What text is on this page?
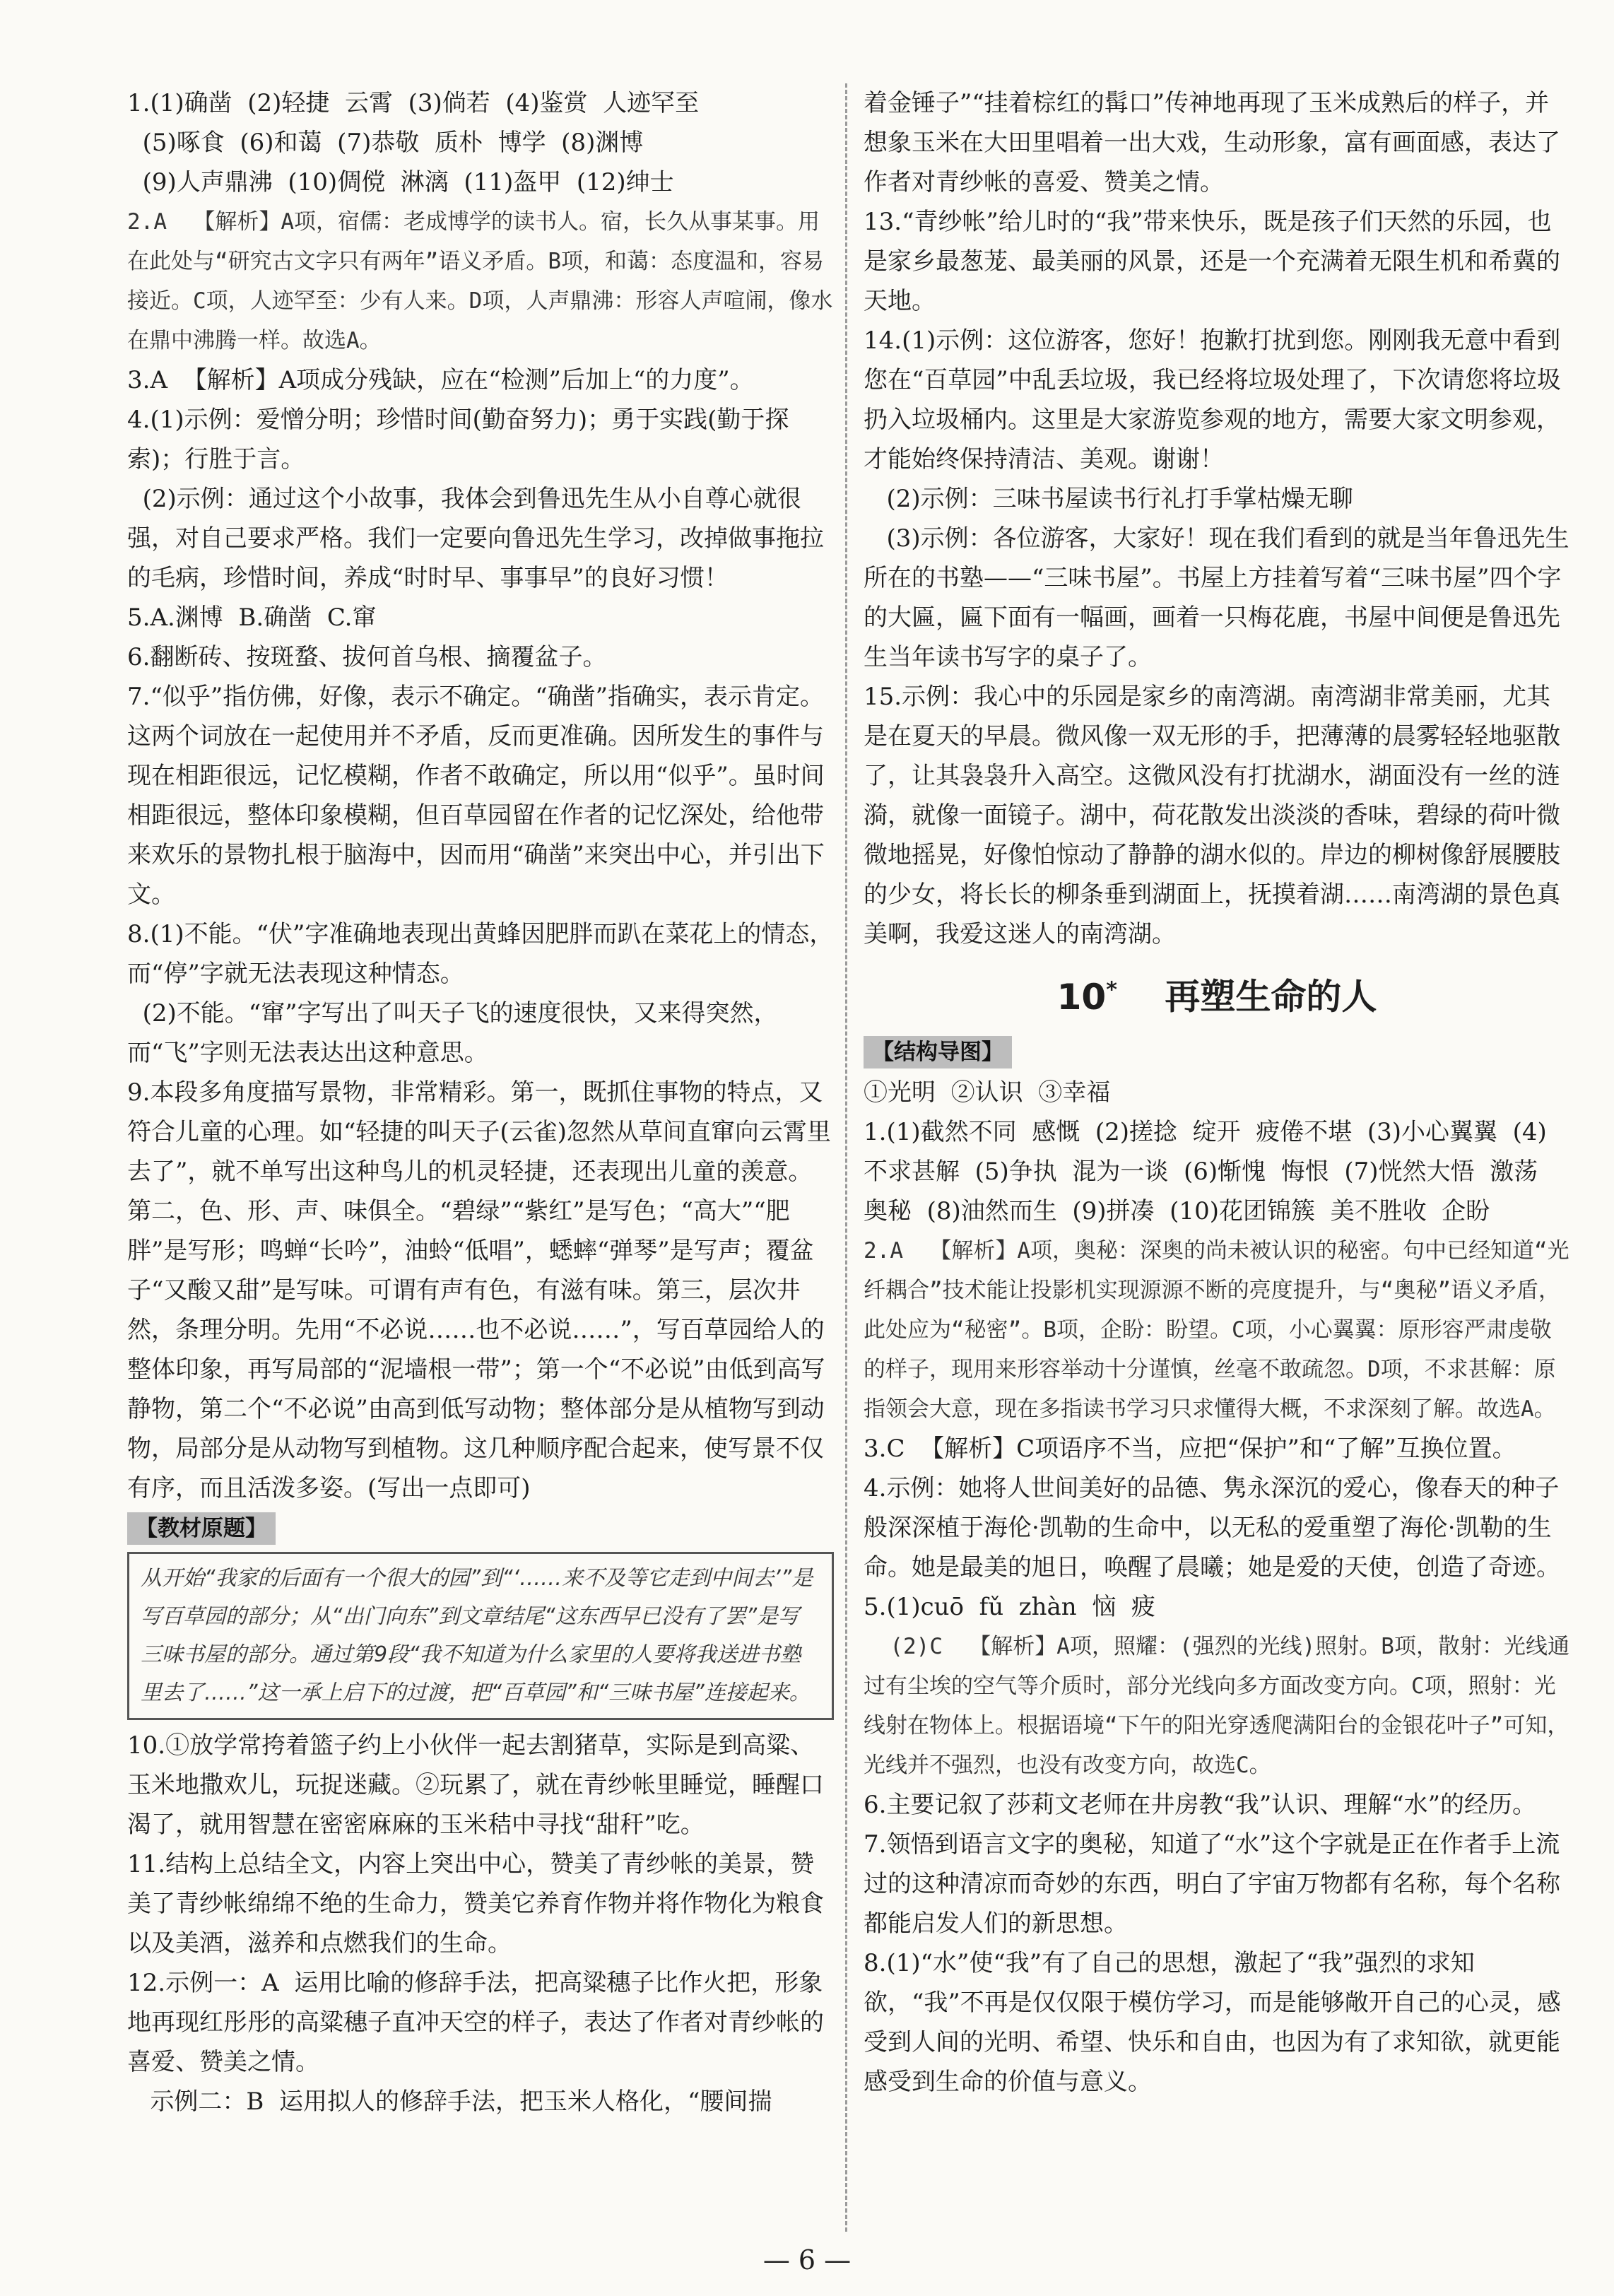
1.(1)确凿  (2)轻捷  云霄  (3)倘若  (4)鉴赏  人迹罕至
(5)啄食  (6)和蔼  (7)恭敬  质朴  博学  (8)渊博
(9)人声鼎沸  (10)倜傥  淋漓  (11)盔甲  (12)绅士

2.A  【解析】A项，宿儒：老成博学的读书人。宿，长久从事某事。用在此处与“研究古文字只有两年”语义矛盾。B项，和蔼：态度温和，容易接近。C项，人迹罕至：少有人来。D项，人声鼎沸：形容人声喧闹，像水在鼎中沸腾一样。故选A。

3.A  【解析】A项成分残缺，应在“检测”后加上“的力度”。

4.(1)示例：爱憎分明；珍惜时间(勤奋努力)；勇于实践(勤于探索)；行胜于言。

(2)示例：通过这个小故事，我体会到鲁迅先生从小自尊心就很强，对自己要求严格。我们一定要向鲁迅先生学习，改掉做事拖拉的毛病，珍惜时间，养成“时时早、事事早”的良好习惯！

5.A.渊博  B.确凿  C.窜

6.翻断砖、按斑蝥、拔何首乌根、摘覆盆子。

7.“似乎”指仿佛，好像，表示不确定。“确凿”指确实，表示肯定。这两个词放在一起使用并不矛盾，反而更准确。因所发生的事件与现在相距很远，记忆模糊，作者不敢确定，所以用“似乎”。虽时间相距很远，整体印象模糊，但百草园留在作者的记忆深处，给他带来欢乐的景物扎根于脑海中，因而用“确凿”来突出中心，并引出下文。

8.(1)不能。“伏”字准确地表现出黄蜂因肥胖而趴在菜花上的情态，而“停”字就无法表现这种情态。

(2)不能。“窜”字写出了叫天子飞的速度很快，又来得突然，而“飞”字则无法表达出这种意思。

9.本段多角度描写景物，非常精彩。第一，既抓住事物的特点，又符合儿童的心理。如“轻捷的叫天子(云雀)忽然从草间直窜向云霄里去了”，就不单写出这种鸟儿的机灵轻捷，还表现出儿童的羡意。第二，色、形、声、味俱全。“碧绿”“紫红”是写色；“高大”“肥胖”是写形；鸣蝉“长吟”，油蛉“低唱”，蟋蟀“弹琴”是写声；覆盆子“又酸又甜”是写味。可谓有声有色，有滋有味。第三，层次井然，条理分明。先用“不必说……也不必说……”，写百草园给人的整体印象，再写局部的“泥墙根一带”；第一个“不必说”由低到高写静物，第二个“不必说”由高到低写动物；整体部分是从植物写到动物，局部分是从动物写到植物。这几种顺序配合起来，使写景不仅有序，而且活泼多姿。(写出一点即可)

【教材原题】
从开始“我家的后面有一个很大的园”到“‘……来不及等它走到中间去’”是写百草园的部分；从“出门向东”到文章结尾“这东西早已没有了罢”是写三味书屋的部分。通过第9段“我不知道为什么家里的人要将我送进书塾里去了……”这一承上启下的过渡，把“百草园”和“三味书屋”连接起来。

10.①放学常挎着篮子约上小伙伴一起去割猪草，实际是到高粱、玉米地撒欢儿，玩捉迷藏。②玩累了，就在青纱帐里睡觉，睡醒口渴了，就用智慧在密密麻麻的玉米秸中寻找“甜秆”吃。

11.结构上总结全文，内容上突出中心，赞美了青纱帐的美景，赞美了青纱帐绵绵不绝的生命力，赞美它养育作物并将作物化为粮食以及美酒，滋养和点燃我们的生命。

12.示例一：A  运用比喻的修辞手法，把高粱穗子比作火把，形象地再现红彤彤的高粱穗子直冲天空的样子，表达了作者对青纱帐的喜爱、赞美之情。

示例二：B  运用拟人的修辞手法，把玉米人格化，“腰间揣

着金锤子”“挂着棕红的髯口”传神地再现了玉米成熟后的样子，并想象玉米在大田里唱着一出大戏，生动形象，富有画面感，表达了作者对青纱帐的喜爱、赞美之情。

13.“青纱帐”给儿时的“我”带来快乐，既是孩子们天然的乐园，也是家乡最葱茏、最美丽的风景，还是一个充满着无限生机和希冀的天地。

14.(1)示例：这位游客，您好！抱歉打扰到您。刚刚我无意中看到您在“百草园”中乱丢垃圾，我已经将垃圾处理了，下次请您将垃圾扔入垃圾桶内。这里是大家游览参观的地方，需要大家文明参观，才能始终保持清洁、美观。谢谢！

(2)示例：三味书屋读书行礼打手掌枯燥无聊

(3)示例：各位游客，大家好！现在我们看到的就是当年鲁迅先生所在的书塾——“三味书屋”。书屋上方挂着写着“三味书屋”四个字的大匾，匾下面有一幅画，画着一只梅花鹿，书屋中间便是鲁迅先生当年读书写字的桌子了。

15.示例：我心中的乐园是家乡的南湾湖。南湾湖非常美丽，尤其是在夏天的早晨。微风像一双无形的手，把薄薄的晨雾轻轻地驱散了，让其袅袅升入高空。这微风没有打扰湖水，湖面没有一丝的涟漪，就像一面镜子。湖中，荷花散发出淡淡的香味，碧绿的荷叶微微地摇晃，好像怕惊动了静静的湖水似的。岸边的柳树像舒展腰肢的少女，将长长的柳条垂到湖面上，抚摸着湖……南湾湖的景色真美啊，我爱这迷人的南湾湖。

10* 再塑生命的人
【结构导图】

①光明  ②认识  ③幸福

1.(1)截然不同  感慨  (2)搓捻  绽开  疲倦不堪  (3)小心翼翼  (4)不求甚解  (5)争执  混为一谈  (6)惭愧  悔恨  (7)恍然大悟  激荡  奥秘  (8)油然而生  (9)拼凑  (10)花团锦簇  美不胜收  企盼

2.A  【解析】A项，奥秘：深奥的尚未被认识的秘密。句中已经知道“光纤耦合”技术能让投影机实现源源不断的亮度提升，与“奥秘”语义矛盾，此处应为“秘密”。B项，企盼：盼望。C项，小心翼翼：原形容严肃虔敬的样子，现用来形容举动十分谨慎，丝毫不敢疏忽。D项，不求甚解：原指领会大意，现在多指读书学习只求懂得大概，不求深刻了解。故选A。

3.C  【解析】C项语序不当，应把“保护”和“了解”互换位置。

4.示例：她将人世间美好的品德、隽永深沉的爱心，像春天的种子般深深植于海伦·凯勒的生命中，以无私的爱重塑了海伦·凯勒的生命。她是最美的旭日，唤醒了晨曦；她是爱的天使，创造了奇迹。

5.(1)cuō  fǔ  zhàn  恼  疲

(2)C  【解析】A项，照耀：(强烈的光线)照射。B项，散射：光线通过有尘埃的空气等介质时，部分光线向多方面改变方向。C项，照射：光线射在物体上。根据语境“下午的阳光穿透爬满阳台的金银花叶子”可知，光线并不强烈，也没有改变方向，故选C。

6.主要记叙了莎莉文老师在井房教“我”认识、理解“水”的经历。

7.领悟到语言文字的奥秘，知道了“水”这个字就是正在作者手上流过的这种清凉而奇妙的东西，明白了宇宙万物都有名称，每个名称都能启发人们的新思想。

8.(1)“水”使“我”有了自己的思想，激起了“我”强烈的求知欲，“我”不再是仅仅限于模仿学习，而是能够敞开自己的心灵，感受到人间的光明、希望、快乐和自由，也因为有了求知欲，就更能感受到生命的价值与意义。

— 6 —
